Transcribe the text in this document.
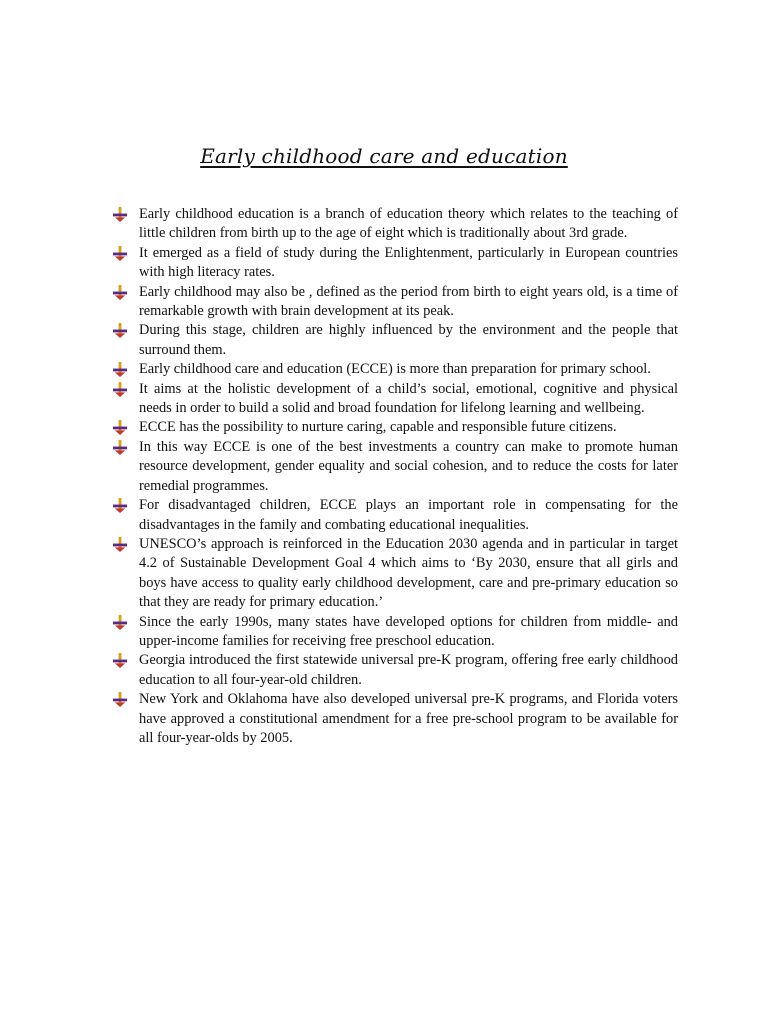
Early childhood care and education
Early childhood education is a branch of education theory which relates to the teaching of little children from birth up to the age of eight which is traditionally about 3rd grade.
It emerged as a field of study during the Enlightenment, particularly in European countries with high literacy rates.
Early childhood may also be , defined as the period from birth to eight years old, is a time of remarkable growth with brain development at its peak.
During this stage, children are highly influenced by the environment and the people that surround them.
Early childhood care and education (ECCE) is more than preparation for primary school.
It aims at the holistic development of a child’s social, emotional, cognitive and physical needs in order to build a solid and broad foundation for lifelong learning and wellbeing.
ECCE has the possibility to nurture caring, capable and responsible future citizens.
In this way ECCE is one of the best investments a country can make to promote human resource development, gender equality and social cohesion, and to reduce the costs for later remedial programmes.
For disadvantaged children, ECCE plays an important role in compensating for the disadvantages in the family and combating educational inequalities.
UNESCO’s approach is reinforced in the Education 2030 agenda and in particular in target 4.2 of Sustainable Development Goal 4 which aims to ‘By 2030, ensure that all girls and boys have access to quality early childhood development, care and pre-primary education so that they are ready for primary education.’
Since the early 1990s, many states have developed options for children from middle- and upper-income families for receiving free preschool education.
Georgia introduced the first statewide universal pre-K program, offering free early childhood education to all four-year-old children.
New York and Oklahoma have also developed universal pre-K programs, and Florida voters have approved a constitutional amendment for a free pre-school program to be available for all four-year-olds by 2005.
